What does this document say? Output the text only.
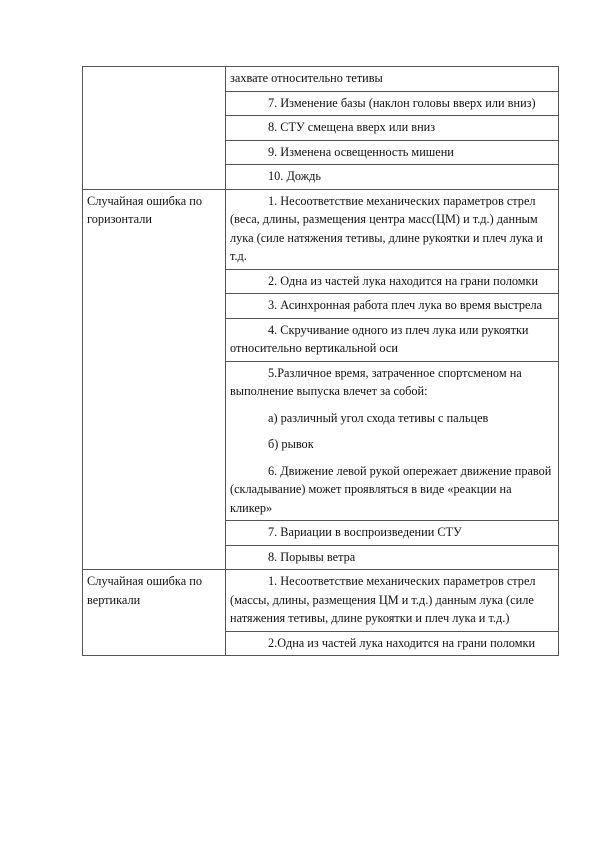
	захвате относительно тетивы

	7. Изменение базы (наклон головы вверх или вниз)

	8. СТУ смещена вверх или вниз

	9. Изменена освещенность мишени

	10. Дождь

Случайная ошибка по горизонтали	1. Несоответствие механических параметров стрел (веса, длины, размещения центра масс(ЦМ) и т.д.) данным лука (силе натяжения тетивы, длине рукоятки и плеч лука и т.д.

	2. Одна из частей лука находится на грани поломки

	3. Асинхронная работа плеч лука во время выстрела

	4. Скручивание одного из плеч лука или рукоятки относительно вертикальной оси

	5.Различное время, затраченное спортсменом на выполнение выпуска влечет за собой:
а) различный угол схода тетивы с пальцев
б) рывок
6. Движение левой рукой опережает движение правой (складывание) может проявляться в виде «реакции на кликер»

	7. Вариации в воспроизведении СТУ

	8. Порывы ветра

Случайная ошибка по вертикали	1. Несоответствие механических параметров стрел (массы, длины, размещения ЦМ и т.д.) данным лука (силе натяжения тетивы, длине рукоятки и плеч лука и т.д.)

	2.Одна из частей лука находится на грани поломки
